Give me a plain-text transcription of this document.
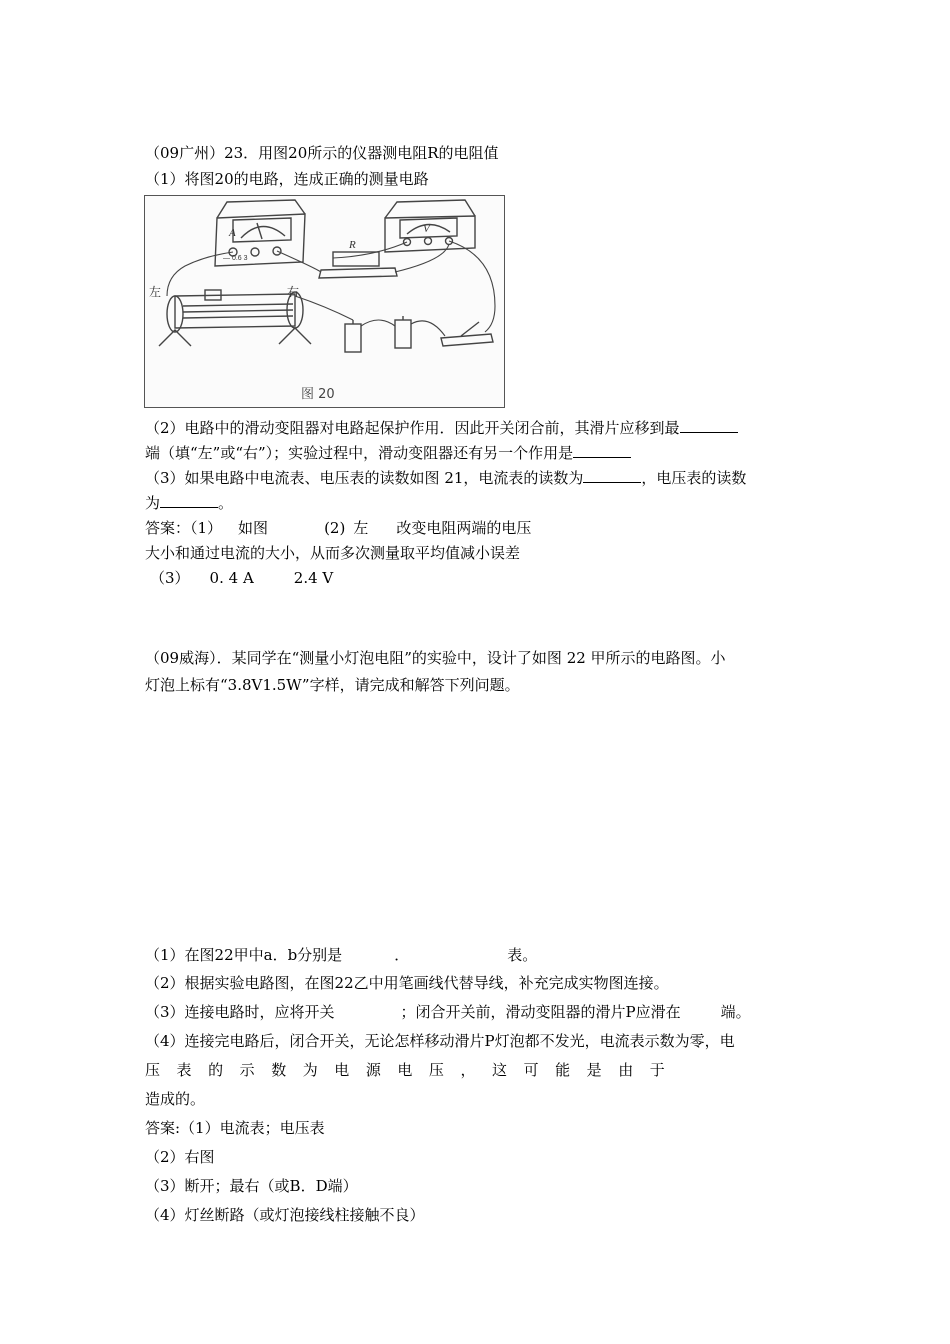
（09广州）23．用图20所示的仪器测电阻R的电阻值
（1）将图20的电路，连成正确的测量电路
A	V
— 0.6 3
R
左	右
图 20
（2）电路中的滑动变阻器对电路起保护作用．因此开关闭合前，其滑片应移到最
端（填“左”或“右”）；实验过程中，滑动变阻器还有另一个作用是
（3）如果电路中电流表、电压表的读数如图 21，电流表的读数为	，电压表的读数
为	。
答案：（1） 如图	(2) 左 改变电阻两端的电压
大小和通过电流的大小，从而多次测量取平均值减小误差
（3） 0. 4 A	2.4 V
（09威海）．某同学在“测量小灯泡电阻”的实验中，设计了如图 22 甲所示的电路图。小
灯泡上标有“3.8V1.5W”字样，请完成和解答下列问题。
（1）在图22甲中a．b分别是	．	表。
（2）根据实验电路图，在图22乙中用笔画线代替导线，补充完成实物图连接。
（3）连接电路时，应将开关	；闭合开关前，滑动变阻器的滑片P应滑在	端。
（4）连接完电路后，闭合开关，无论怎样移动滑片P灯泡都不发光，电流表示数为零，电
压 表 的 示 数 为 电 源 电 压 ， 这 可 能 是 由 于
造成的。
答案:（1）电流表；电压表
（2）右图
（3）断开；最右（或B．D端）
（4）灯丝断路（或灯泡接线柱接触不良）
